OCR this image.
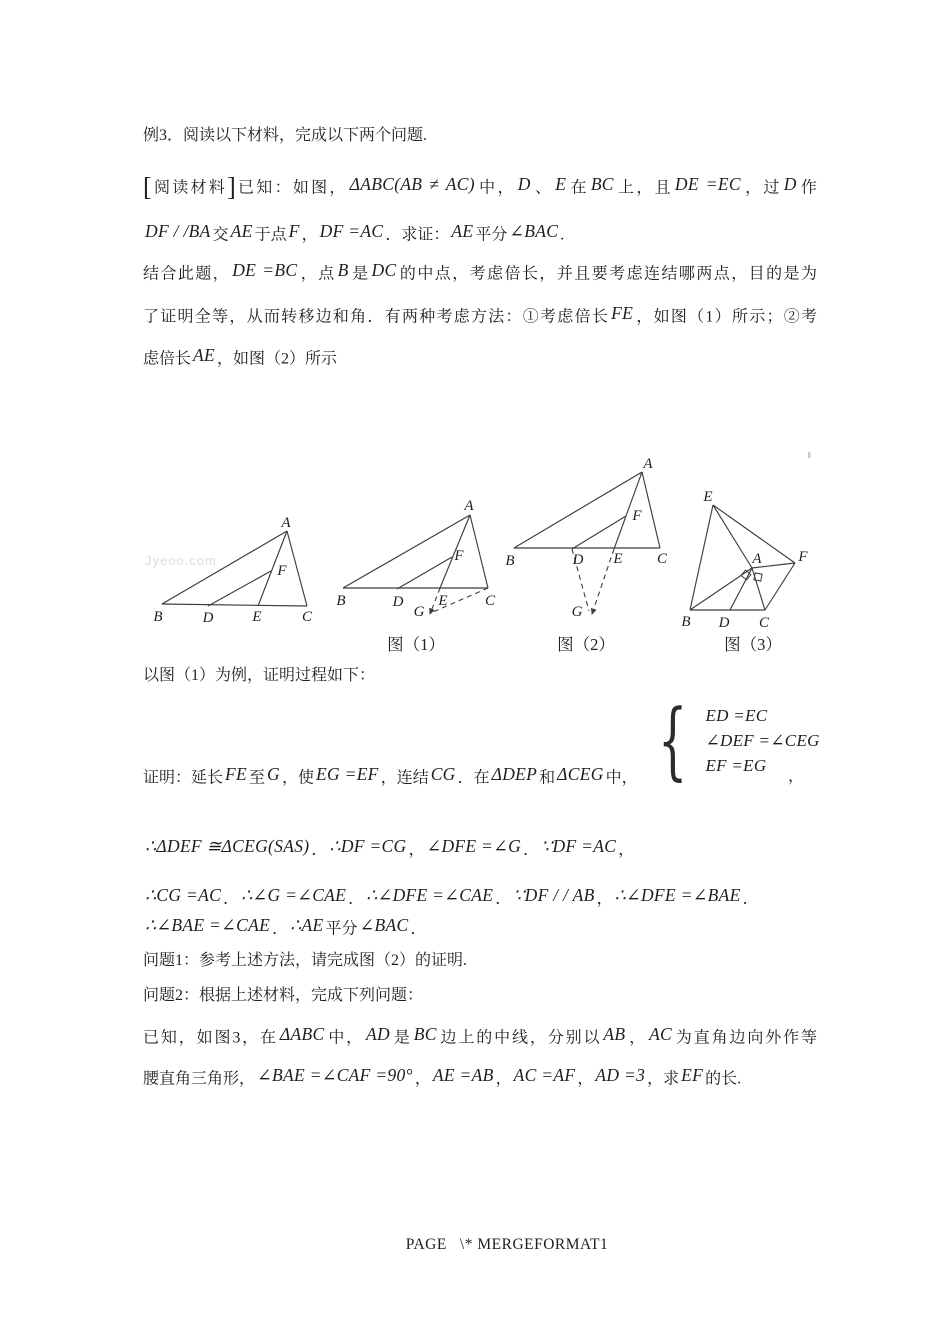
例3．阅读以下材料，完成以下两个问题.
[阅读材料]已知：如图， ΔABC(AB ≠ AC) 中， D 、 E 在 BC 上，且 DE =EC ，过 D 作
DF / /BA 交 AE 于点 F ， DF =AC ．求证： AE 平分 ∠BAC .
结合此题， DE =BC ，点 B 是 DC 的中点，考虑倍长，并且要考虑连结哪两点，目的是为
了证明全等，从而转移边和角．有两种考虑方法：①考虑倍长 FE ，如图（1）所示；②考
虑倍长 AE ，如图（2）所示
Jyeoo.com
A
B	D	E	C
F
A
B	D E C
F
G
图（1）
A
B	D E C
F
G
图（2）
E
A F
B D C
图（3）
以图（1）为例，证明过程如下：
证明：延长 FE 至 G ，使 EG =EF ，连结 CG ．在 ΔDEP 和 ΔCEG 中， { ED =EC
∠DEF =∠CEG
EF =EG
，
∴ΔDEF ≅ΔCEG(SAS) ． ∴DF =CG ， ∠DFE =∠G ． ∵DF =AC ，
∴CG =AC ． ∴∠G =∠CAE ． ∴∠DFE =∠CAE ． ∵DF / / AB ， ∴∠DFE =∠BAE ．
∴∠BAE =∠CAE ． ∴AE 平分 ∠BAC ．
问题1：参考上述方法，请完成图（2）的证明.
问题2：根据上述材料，完成下列问题：
已知，如图3，在 ΔABC 中， AD 是 BC 边上的中线，分别以 AB ， AC 为直角边向外作等
腰直角三角形， ∠BAE =∠CAF =90° ， AE =AB ， AC =AF ， AD =3 ，求 EF 的长.
PAGE   \* MERGEFORMAT1
